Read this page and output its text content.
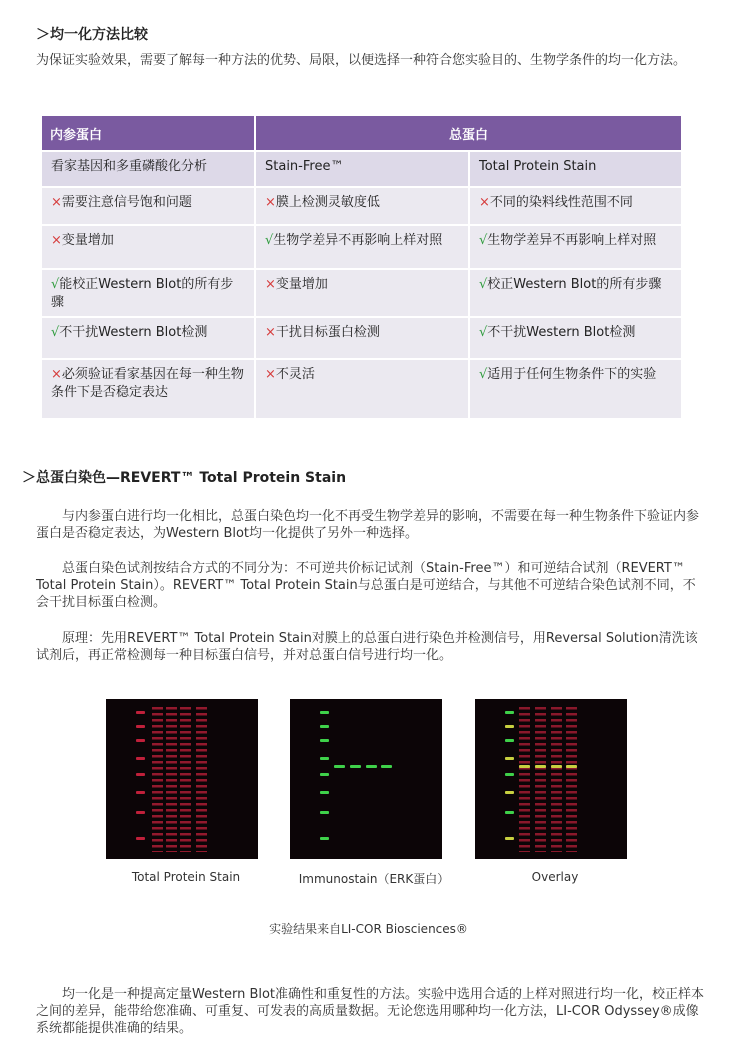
＞均一化方法比较
为保证实验效果，需要了解每一种方法的优势、局限，以便选择一种符合您实验目的、生物学条件的均一化方法。
内参蛋白	总蛋白	
看家基因和多重磷酸化分析	Stain-Free™	Total Protein Stain
×需要注意信号饱和问题	×膜上检测灵敏度低	×不同的染料线性范围不同
×变量增加	√生物学差异不再影响上样对照	√生物学差异不再影响上样对照
√能校正Western Blot的所有步骤	×变量增加	√校正Western Blot的所有步骤
√不干扰Western Blot检测	×干扰目标蛋白检测	√不干扰Western Blot检测
×必须验证看家基因在每一种生物条件下是否稳定表达	×不灵活	√适用于任何生物条件下的实验
＞总蛋白染色—REVERT™ Total Protein Stain
与内参蛋白进行均一化相比，总蛋白染色均一化不再受生物学差异的影响，不需要在每一种生物条件下验证内参蛋白是否稳定表达，为Western Blot均一化提供了另外一种选择。
总蛋白染色试剂按结合方式的不同分为：不可逆共价标记试剂（Stain-Free™）和可逆结合试剂（REVERT™ Total Protein Stain）。REVERT™ Total Protein Stain与总蛋白是可逆结合，与其他不可逆结合染色试剂不同，不会干扰目标蛋白检测。
原理：先用REVERT™ Total Protein Stain对膜上的总蛋白进行染色并检测信号，用Reversal Solution清洗该试剂后，再正常检测每一种目标蛋白信号，并对总蛋白信号进行均一化。
Total Protein Stain	Immunostain（ERK蛋白）	Overlay
实验结果来自LI-COR Biosciences®
均一化是一种提高定量Western Blot准确性和重复性的方法。实验中选用合适的上样对照进行均一化，校正样本之间的差异，能带给您准确、可重复、可发表的高质量数据。无论您选用哪种均一化方法，LI-COR Odyssey®成像系统都能提供准确的结果。
